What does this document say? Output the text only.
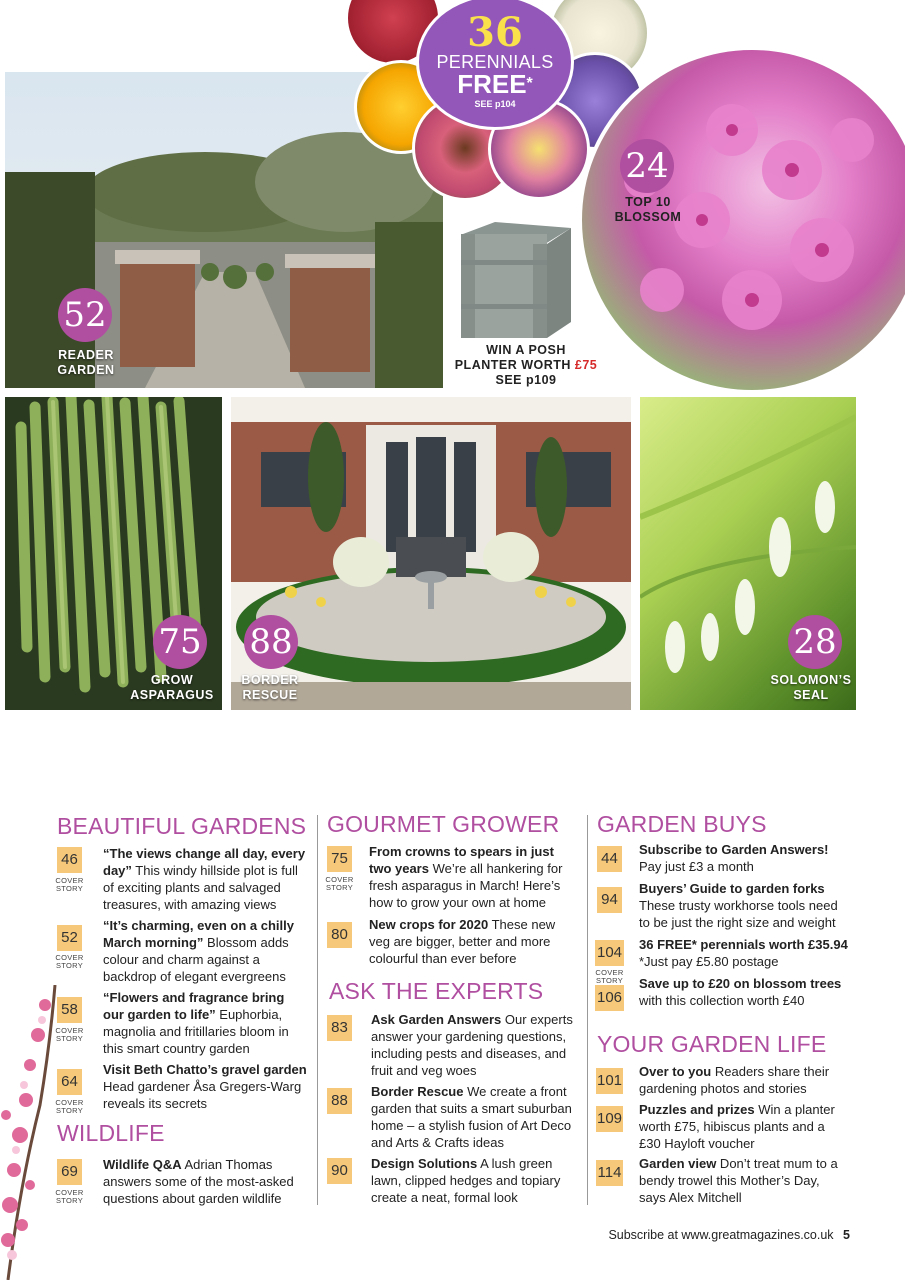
52
READER
GARDEN
36
PERENNIALS
FREE*
SEE p104
WIN A POSH
PLANTER WORTH £75
SEE p109
24
TOP 10
BLOSSOM
75
GROW
ASPARAGUS
88
BORDER
RESCUE
28
SOLOMON’S
SEAL
BEAUTIFUL GARDENS
46
COVER
STORY
“The views change all day, every day” This windy hillside plot is full of exciting plants and salvaged treasures, with amazing views
52
COVER
STORY
“It’s charming, even on a chilly March morning” Blossom adds colour and charm against a backdrop of elegant evergreens
58
COVER
STORY
“Flowers and fragrance bring our garden to life” Euphorbia, magnolia and fritillaries bloom in this smart country garden
64
COVER
STORY
Visit Beth Chatto’s gravel garden Head gardener Åsa Gregers-Warg reveals its secrets
WILDLIFE
69
COVER
STORY
Wildlife Q&A Adrian Thomas answers some of the most-asked questions about garden wildlife
GOURMET GROWER
75
COVER
STORY
From crowns to spears in just two years We’re all hankering for fresh asparagus in March! Here’s how to grow your own at home
80
New crops for 2020 These new veg are bigger, better and more colourful than ever before
ASK THE EXPERTS
83	Ask Garden Answers Our experts answer your gardening questions, including pests and diseases, and fruit and veg woes
88
Border Rescue We create a front garden that suits a smart suburban home – a stylish fusion of Art Deco and Arts & Crafts ideas
90	Design Solutions A lush green lawn, clipped hedges and topiary create a neat, formal look
GARDEN BUYS
44
Subscribe to Garden Answers!
Pay just £3 a month
94
Buyers’ Guide to garden forks
These trusty workhorse tools need to be just the right size and weight
104
COVER
STORY
36 FREE* perennials worth £35.94
*Just pay £5.80 postage
106
Save up to £20 on blossom trees
with this collection worth £40
YOUR GARDEN LIFE
101
Over to you Readers share their gardening photos and stories
109
Puzzles and prizes Win a planter worth £75, hibiscus plants and a £30 Hayloft voucher
114
Garden view Don’t treat mum to a bendy trowel this Mother’s Day, says Alex Mitchell
Subscribe at www.greatmagazines.co.uk 5
